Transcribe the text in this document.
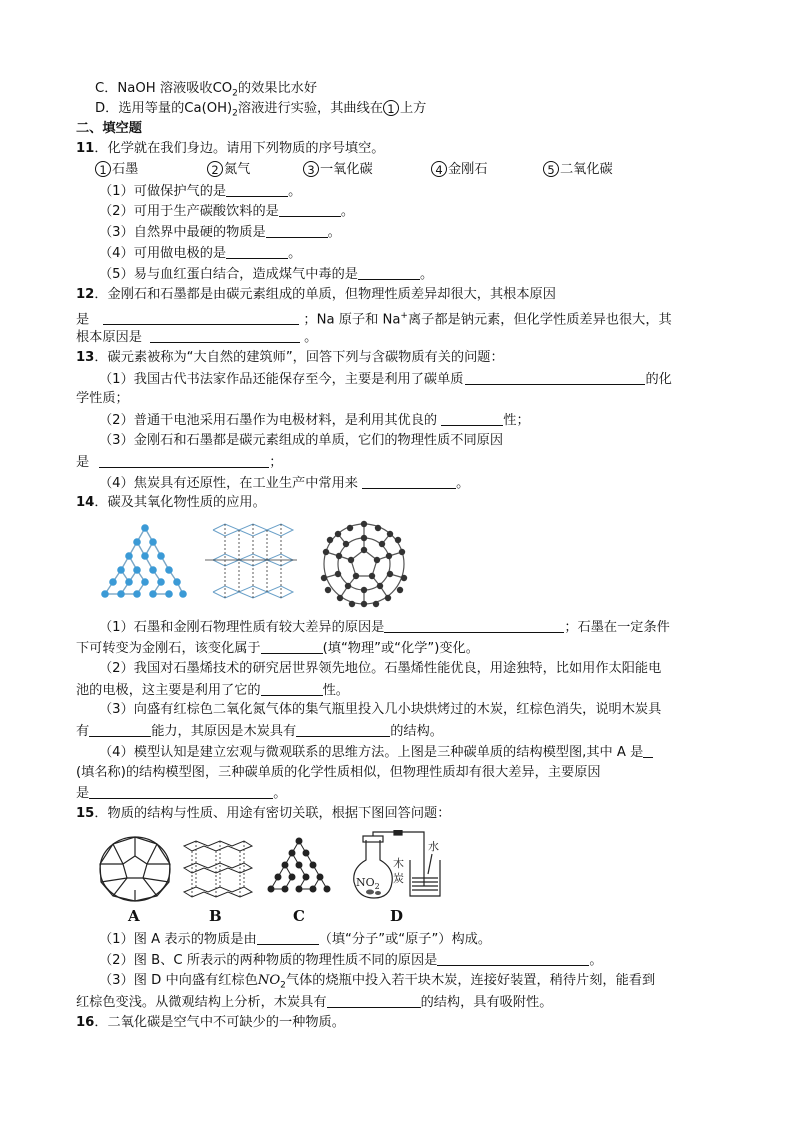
C．NaOH 溶液吸收$CO_2$的效果比水好
D．选用等量的$Ca(OH)_2$溶液进行实验，其曲线在 1 上方
二、填空题
11．化学就在我们身边。请用下列物质的序号填空。
1 石墨	2 氮气	3 一氧化碳	4 金刚石	5 二氧化碳
（1）可做保护气的是	。
（2）可用于生产碳酸饮料的是	。
（3）自然界中最硬的物质是	。
（4）可用做电极的是	。
（5）易与血红蛋白结合，造成煤气中毒的是	。
12．金刚石和石墨都是由碳元素组成的单质，但物理性质差异却很大，其根本原因
是	；Na 原子和 Na+离子都是钠元素，但化学性质差异也很大，其
根本原因是	。
13．碳元素被称为“大自然的建筑师”，回答下列与含碳物质有关的问题：
（1）我国古代书法家作品还能保存至今，主要是利用了碳单质	的化
学性质；
（2）普通干电池采用石墨作为电极材料，是利用其优良的	性；
（3）金刚石和石墨都是碳元素组成的单质，它们的物理性质不同原因
是	；
（4）焦炭具有还原性，在工业生产中常用来	。
14．碳及其氧化物性质的应用。
（1）石墨和金刚石物理性质有较大差异的原因是	；石墨在一定条件
下可转变为金刚石，该变化属于	(填“物理”或“化学”)变化。
（2）我国对石墨烯技术的研究居世界领先地位。石墨烯性能优良，用途独特，比如用作太阳能电
池的电极，这主要是利用了它的	性。
（3）向盛有红棕色二氧化氮气体的集气瓶里投入几小块烘烤过的木炭，红棕色消失，说明木炭具
有	能力，其原因是木炭具有	的结构。
（4）模型认知是建立宏观与微观联系的思维方法。上图是三种碳单质的结构模型图,其中 A 是
(填名称)的结构模型图，三种碳单质的化学性质相似，但物理性质却有很大差异，主要原因
是	。
15．物质的结构与性质、用途有密切关联，根据下图回答问题：
A	B	C
$NO_2$
木
炭
水
D
（1）图 A 表示的物质是由	（填“分子”或“原子”）构成。
（2）图 B、C 所表示的两种物质的物理性质不同的原因是	。
（3）图 D 中向盛有红棕色$NO_2$气体的烧瓶中投入若干块木炭，连接好装置，稍待片刻，能看到
红棕色变浅。从微观结构上分析，木炭具有	的结构，具有吸附性。
16．二氧化碳是空气中不可缺少的一种物质。
